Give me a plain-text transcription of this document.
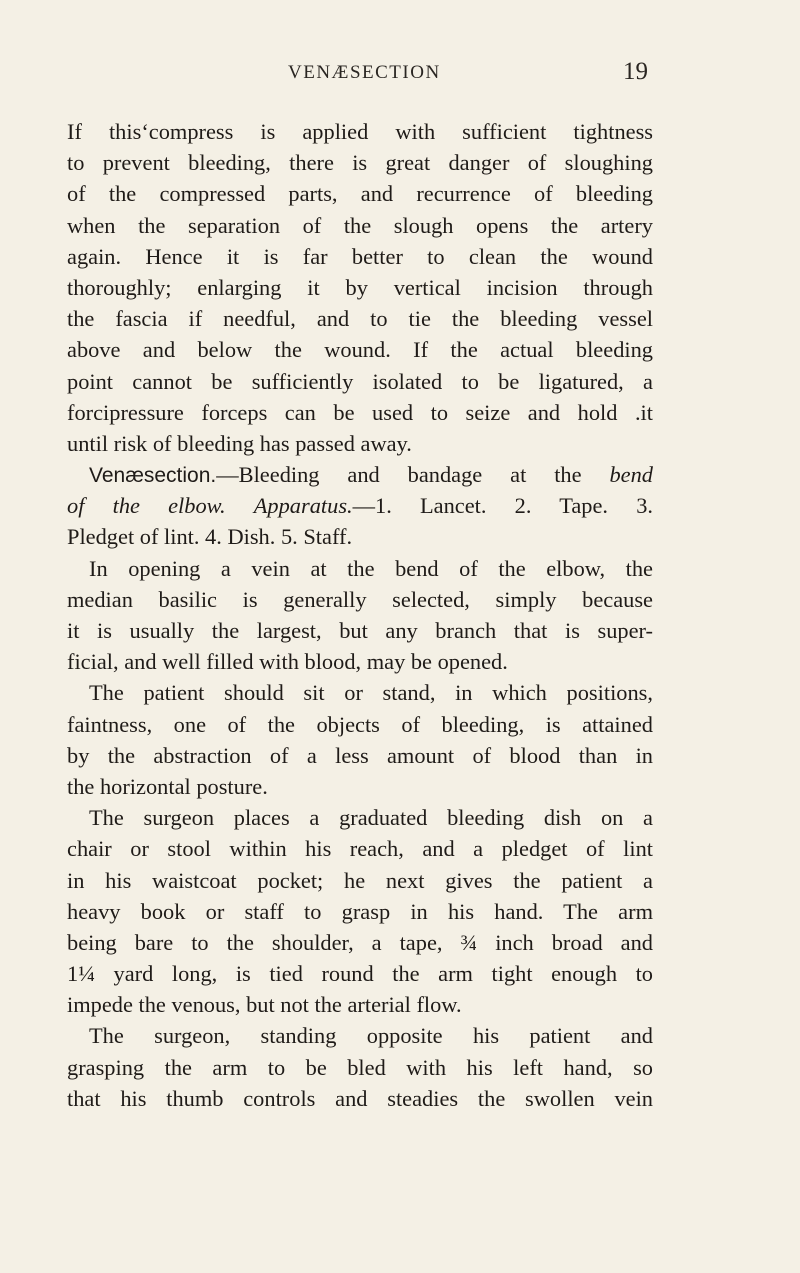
VENÆSECTION	19
If this‘compress is applied with sufficient tightness
to prevent bleeding, there is great danger of sloughing
of the compressed parts, and recurrence of bleeding
when the separation of the slough opens the artery
again. Hence it is far better to clean the wound
thoroughly; enlarging it by vertical incision through
the fascia if needful, and to tie the bleeding vessel
above and below the wound. If the actual bleeding
point cannot be sufficiently isolated to be ligatured, a
forcipressure forceps can be used to seize and hold .it
until risk of bleeding has passed away.
Venæsection.—Bleeding and bandage at the bend
of the elbow. Apparatus.—1. Lancet. 2. Tape. 3.
Pledget of lint. 4. Dish. 5. Staff.
In opening a vein at the bend of the elbow, the
median basilic is generally selected, simply because
it is usually the largest, but any branch that is super-
ficial, and well filled with blood, may be opened.
The patient should sit or stand, in which positions,
faintness, one of the objects of bleeding, is attained
by the abstraction of a less amount of blood than in
the horizontal posture.
The surgeon places a graduated bleeding dish on a
chair or stool within his reach, and a pledget of lint
in his waistcoat pocket; he next gives the patient a
heavy book or staff to grasp in his hand. The arm
being bare to the shoulder, a tape, ¾ inch broad and
1¼ yard long, is tied round the arm tight enough to
impede the venous, but not the arterial flow.
The surgeon, standing opposite his patient and
grasping the arm to be bled with his left hand, so
that his thumb controls and steadies the swollen vein
